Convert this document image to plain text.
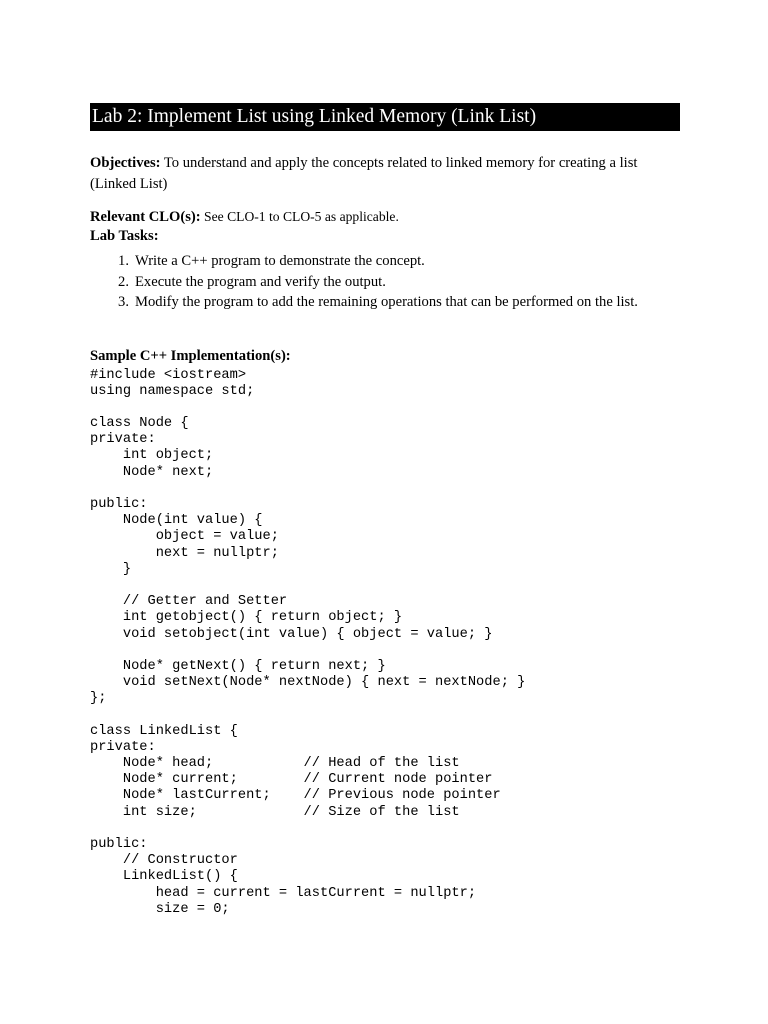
Lab 2: Implement List using Linked Memory (Link List)
Objectives: To understand and apply the concepts related to linked memory for creating a list (Linked List)
Relevant CLO(s): See CLO-1 to CLO-5 as applicable.
Lab Tasks:
1. Write a C++ program to demonstrate the concept.
2. Execute the program and verify the output.
3. Modify the program to add the remaining operations that can be performed on the list.
Sample C++ Implementation(s):
#include <iostream>
using namespace std;
class Node {
private:
int object;
Node* next;
public:
Node(int value) {
object = value;
next = nullptr;
}
// Getter and Setter
int getobject() { return object; }
void setobject(int value) { object = value; }
Node* getNext() { return next; }
void setNext(Node* nextNode) { next = nextNode; }
};
class LinkedList {
private:
Node* head;           // Head of the list
Node* current;        // Current node pointer
Node* lastCurrent;    // Previous node pointer
int size;             // Size of the list
public:
// Constructor
LinkedList() {
head = current = lastCurrent = nullptr;
size = 0;
